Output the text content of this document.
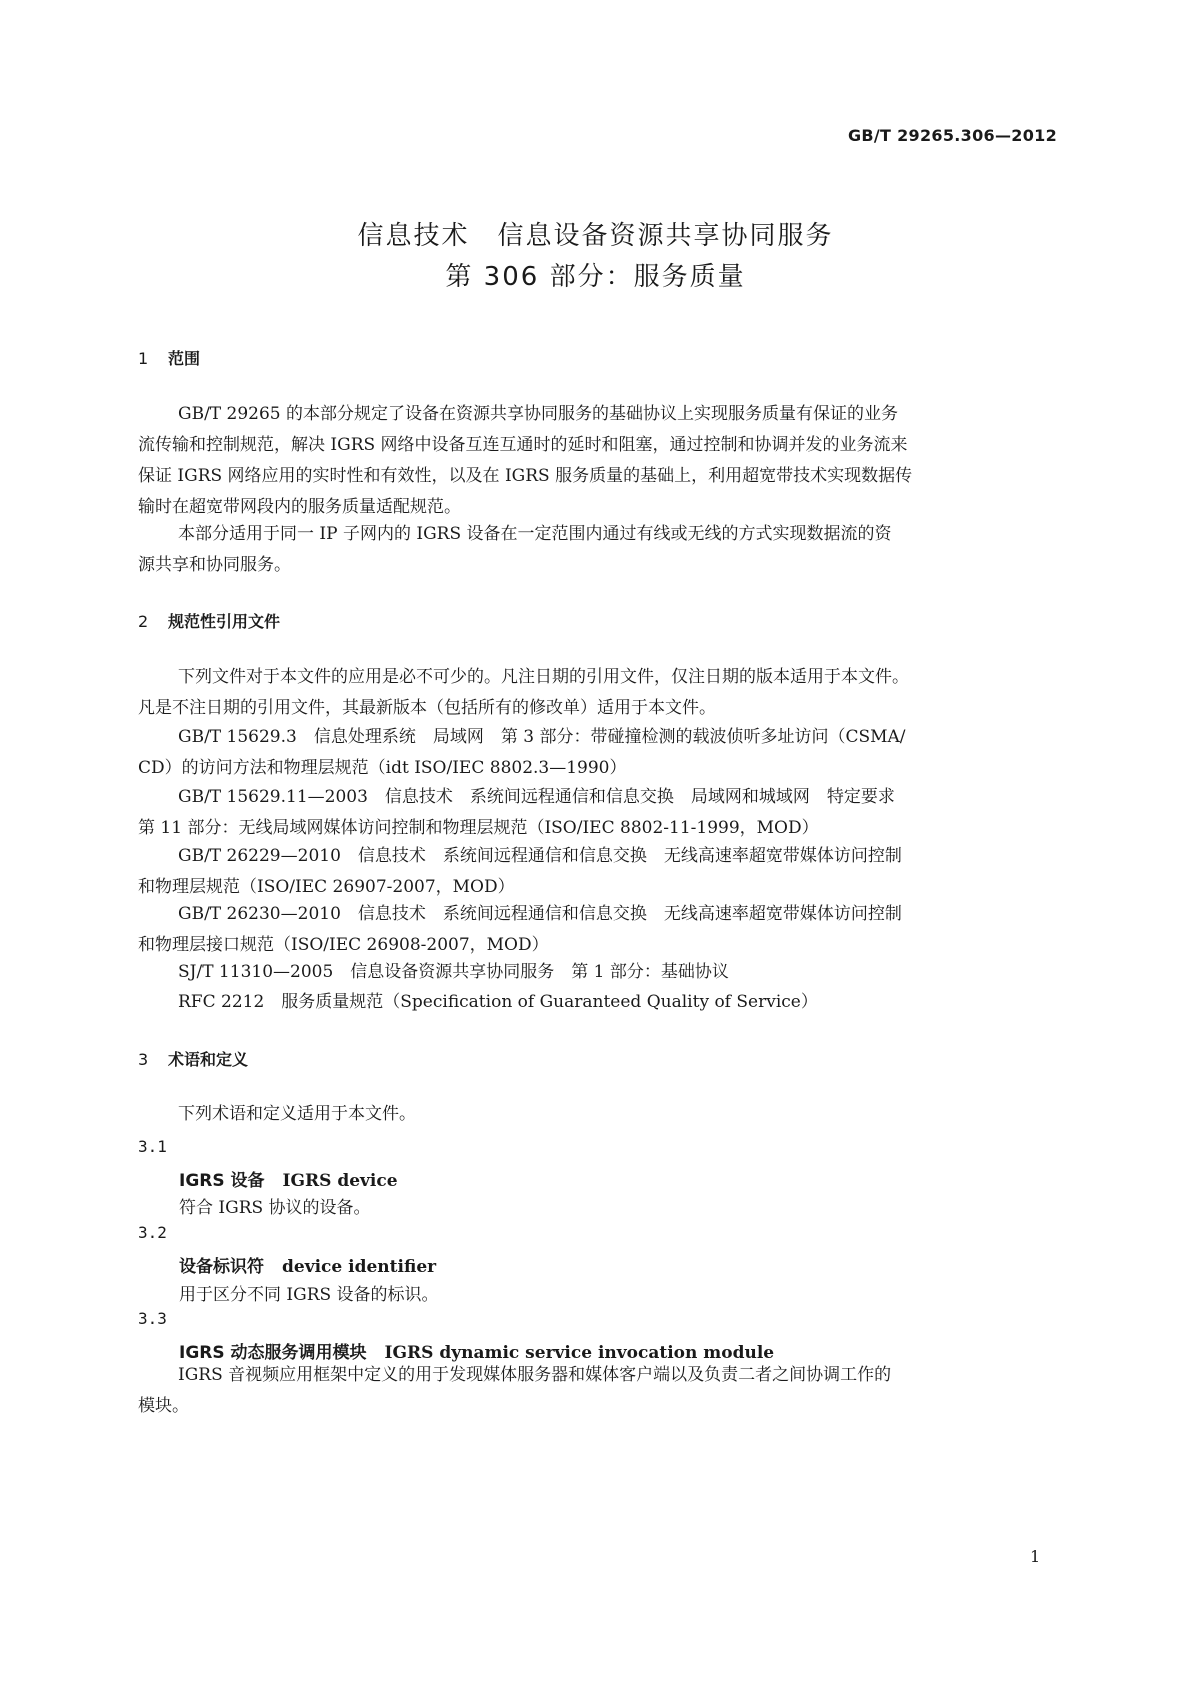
GB/T 29265.306—2012
信息技术　信息设备资源共享协同服务
第 306 部分：服务质量
1 范围
GB/T 29265 的本部分规定了设备在资源共享协同服务的基础协议上实现服务质量有保证的业务
流传输和控制规范，解决 IGRS 网络中设备互连互通时的延时和阻塞，通过控制和协调并发的业务流来
保证 IGRS 网络应用的实时性和有效性，以及在 IGRS 服务质量的基础上，利用超宽带技术实现数据传
输时在超宽带网段内的服务质量适配规范。
本部分适用于同一 IP 子网内的 IGRS 设备在一定范围内通过有线或无线的方式实现数据流的资
源共享和协同服务。
2 规范性引用文件
下列文件对于本文件的应用是必不可少的。凡注日期的引用文件，仅注日期的版本适用于本文件。
凡是不注日期的引用文件，其最新版本（包括所有的修改单）适用于本文件。
GB/T 15629.3　信息处理系统　局域网　第 3 部分：带碰撞检测的载波侦听多址访问（CSMA/
CD）的访问方法和物理层规范（idt ISO/IEC 8802.3—1990）
GB/T 15629.11—2003　信息技术　系统间远程通信和信息交换　局域网和城域网　特定要求
第 11 部分：无线局域网媒体访问控制和物理层规范（ISO/IEC 8802-11-1999，MOD）
GB/T 26229—2010　信息技术　系统间远程通信和信息交换　无线高速率超宽带媒体访问控制
和物理层规范（ISO/IEC 26907-2007，MOD）
GB/T 26230—2010　信息技术　系统间远程通信和信息交换　无线高速率超宽带媒体访问控制
和物理层接口规范（ISO/IEC 26908-2007，MOD）
SJ/T 11310—2005　信息设备资源共享协同服务　第 1 部分：基础协议
RFC 2212　服务质量规范（Specification of Guaranteed Quality of Service）
3 术语和定义
下列术语和定义适用于本文件。
3.1
IGRS 设备 IGRS device
符合 IGRS 协议的设备。
3.2
设备标识符 device identifier
用于区分不同 IGRS 设备的标识。
3.3
IGRS 动态服务调用模块 IGRS dynamic service invocation module
IGRS 音视频应用框架中定义的用于发现媒体服务器和媒体客户端以及负责二者之间协调工作的
模块。
1
